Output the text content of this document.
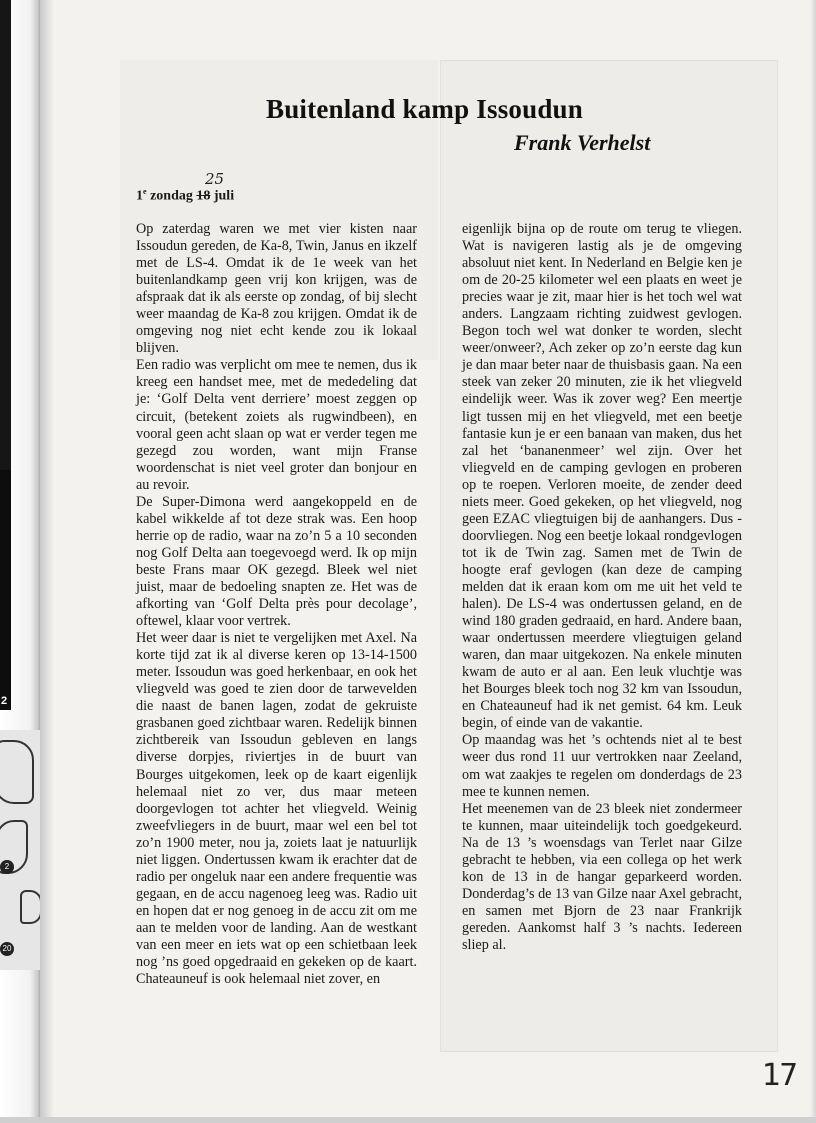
2
2
20
Buitenland kamp Issoudun
Frank Verhelst
25
1e zondag 18 juli

Op zaterdag waren we met vier kisten naar Issoudun gereden, de Ka-8, Twin, Janus en ikzelf met de LS-4. Omdat ik de 1e week van het buitenlandkamp geen vrij kon krijgen, was de afspraak dat ik als eerste op zondag, of bij slecht weer maandag de Ka-8 zou krijgen. Omdat ik de omgeving nog niet echt kende zou ik lokaal blijven.

Een radio was verplicht om mee te nemen, dus ik kreeg een handset mee, met de mededeling dat je: ‘Golf Delta vent derriere’ moest zeggen op circuit, (betekent zoiets als rugwindbeen), en vooral geen acht slaan op wat er verder tegen me gezegd zou worden, want mijn Franse woordenschat is niet veel groter dan bonjour en au revoir.

De Super-Dimona werd aangekoppeld en de kabel wikkelde af tot deze strak was. Een hoop herrie op de radio, waar na zo’n 5 a 10 seconden nog Golf Delta aan toegevoegd werd. Ik op mijn beste Frans maar OK gezegd. Bleek wel niet juist, maar de bedoeling snapten ze. Het was de afkorting van ‘Golf Delta près pour decolage’, oftewel, klaar voor vertrek.

Het weer daar is niet te vergelijken met Axel. Na korte tijd zat ik al diverse keren op 13-14-1500 meter. Issoudun was goed herkenbaar, en ook het vliegveld was goed te zien door de tarwevelden die naast de banen lagen, zodat de gekruiste grasbanen goed zichtbaar waren. Redelijk binnen zichtbereik van Issoudun gebleven en langs diverse dorpjes, riviertjes in de buurt van Bourges uitgekomen, leek op de kaart eigenlijk helemaal niet zo ver, dus maar meteen doorgevlogen tot achter het vliegveld. Weinig zweefvliegers in de buurt, maar wel een bel tot zo’n 1900 meter, nou ja, zoiets laat je natuurlijk niet liggen. Ondertussen kwam ik erachter dat de radio per ongeluk naar een andere frequentie was gegaan, en de accu nagenoeg leeg was. Radio uit en hopen dat er nog genoeg in de accu zit om me aan te melden voor de landing. Aan de westkant van een meer en iets wat op een schietbaan leek nog ’ns goed opgedraaid en gekeken op de kaart. Chateauneuf is ook helemaal niet zover, en

eigenlijk bijna op de route om terug te vliegen. Wat is navigeren lastig als je de omgeving absoluut niet kent. In Nederland en Belgie ken je om de 20-25 kilometer wel een plaats en weet je precies waar je zit, maar hier is het toch wel wat anders. Langzaam richting zuidwest gevlogen. Begon toch wel wat donker te worden, slecht weer/onweer?, Ach zeker op zo’n eerste dag kun je dan maar beter naar de thuisbasis gaan. Na een steek van zeker 20 minuten, zie ik het vliegveld eindelijk weer. Was ik zover weg? Een meertje ligt tussen mij en het vliegveld, met een beetje fantasie kun je er een banaan van maken, dus het zal het ‘bananenmeer’ wel zijn. Over het vliegveld en de camping gevlogen en proberen op te roepen. Verloren moeite, de zender deed niets meer. Goed gekeken, op het vliegveld, nog geen EZAC vliegtuigen bij de aanhangers. Dus - doorvliegen. Nog een beetje lokaal rondgevlogen tot ik de Twin zag. Samen met de Twin de hoogte eraf gevlogen (kan deze de camping melden dat ik eraan kom om me uit het veld te halen). De LS-4 was ondertussen geland, en de wind 180 graden gedraaid, en hard. Andere baan, waar ondertussen meerdere vliegtuigen geland waren, dan maar uitgekozen. Na enkele minuten kwam de auto er al aan. Een leuk vluchtje was het Bourges bleek toch nog 32 km van Issoudun, en Chateauneuf had ik net gemist. 64 km. Leuk begin, of einde van de vakantie.

Op maandag was het ’s ochtends niet al te best weer dus rond 11 uur vertrokken naar Zeeland, om wat zaakjes te regelen om donderdags de 23 mee te kunnen nemen.

Het meenemen van de 23 bleek niet zondermeer te kunnen, maar uiteindelijk toch goedgekeurd. Na de 13 ’s woensdags van Terlet naar Gilze gebracht te hebben, via een collega op het werk kon de 13 in de hangar geparkeerd worden. Donderdag’s de 13 van Gilze naar Axel gebracht, en samen met Bjorn de 23 naar Frankrijk gereden. Aankomst half 3 ’s nachts. Iedereen sliep al.

17
